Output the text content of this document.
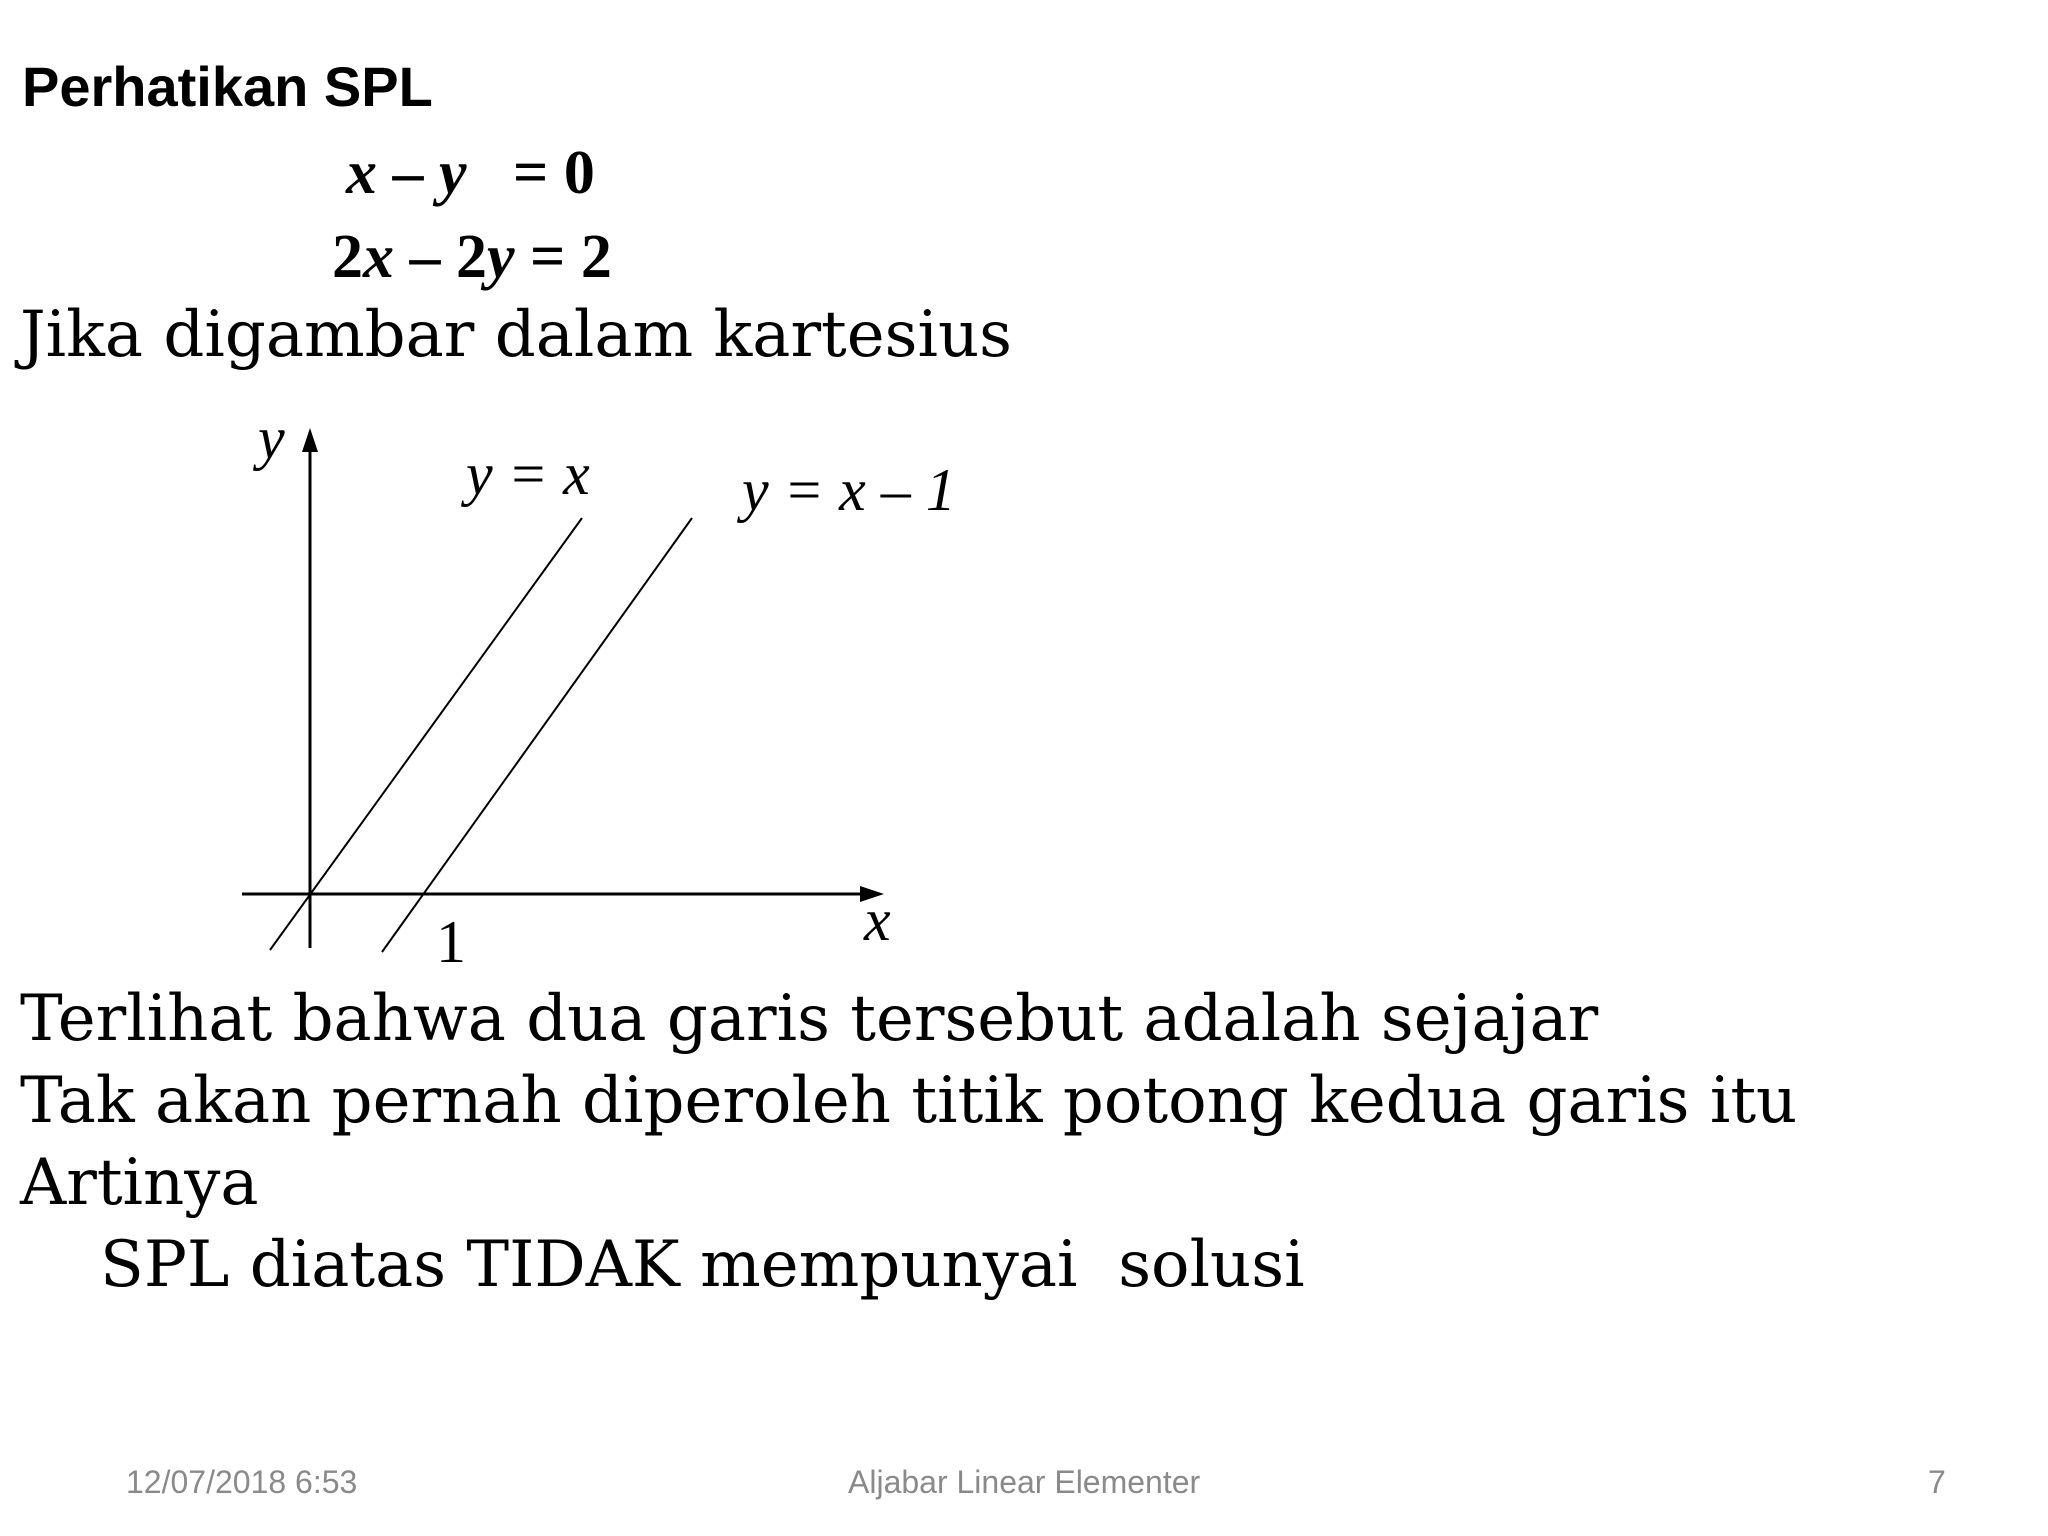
Perhatikan SPL
x – y   = 0
2x – 2y = 2
Jika digambar dalam kartesius
y
x
1
y = x	y = x – 1
Terlihat bahwa dua garis tersebut adalah sejajar
Tak akan pernah diperoleh titik potong kedua garis itu
Artinya
SPL diatas TIDAK mempunyai  solusi
12/07/2018 6:53	Aljabar Linear Elementer	7
